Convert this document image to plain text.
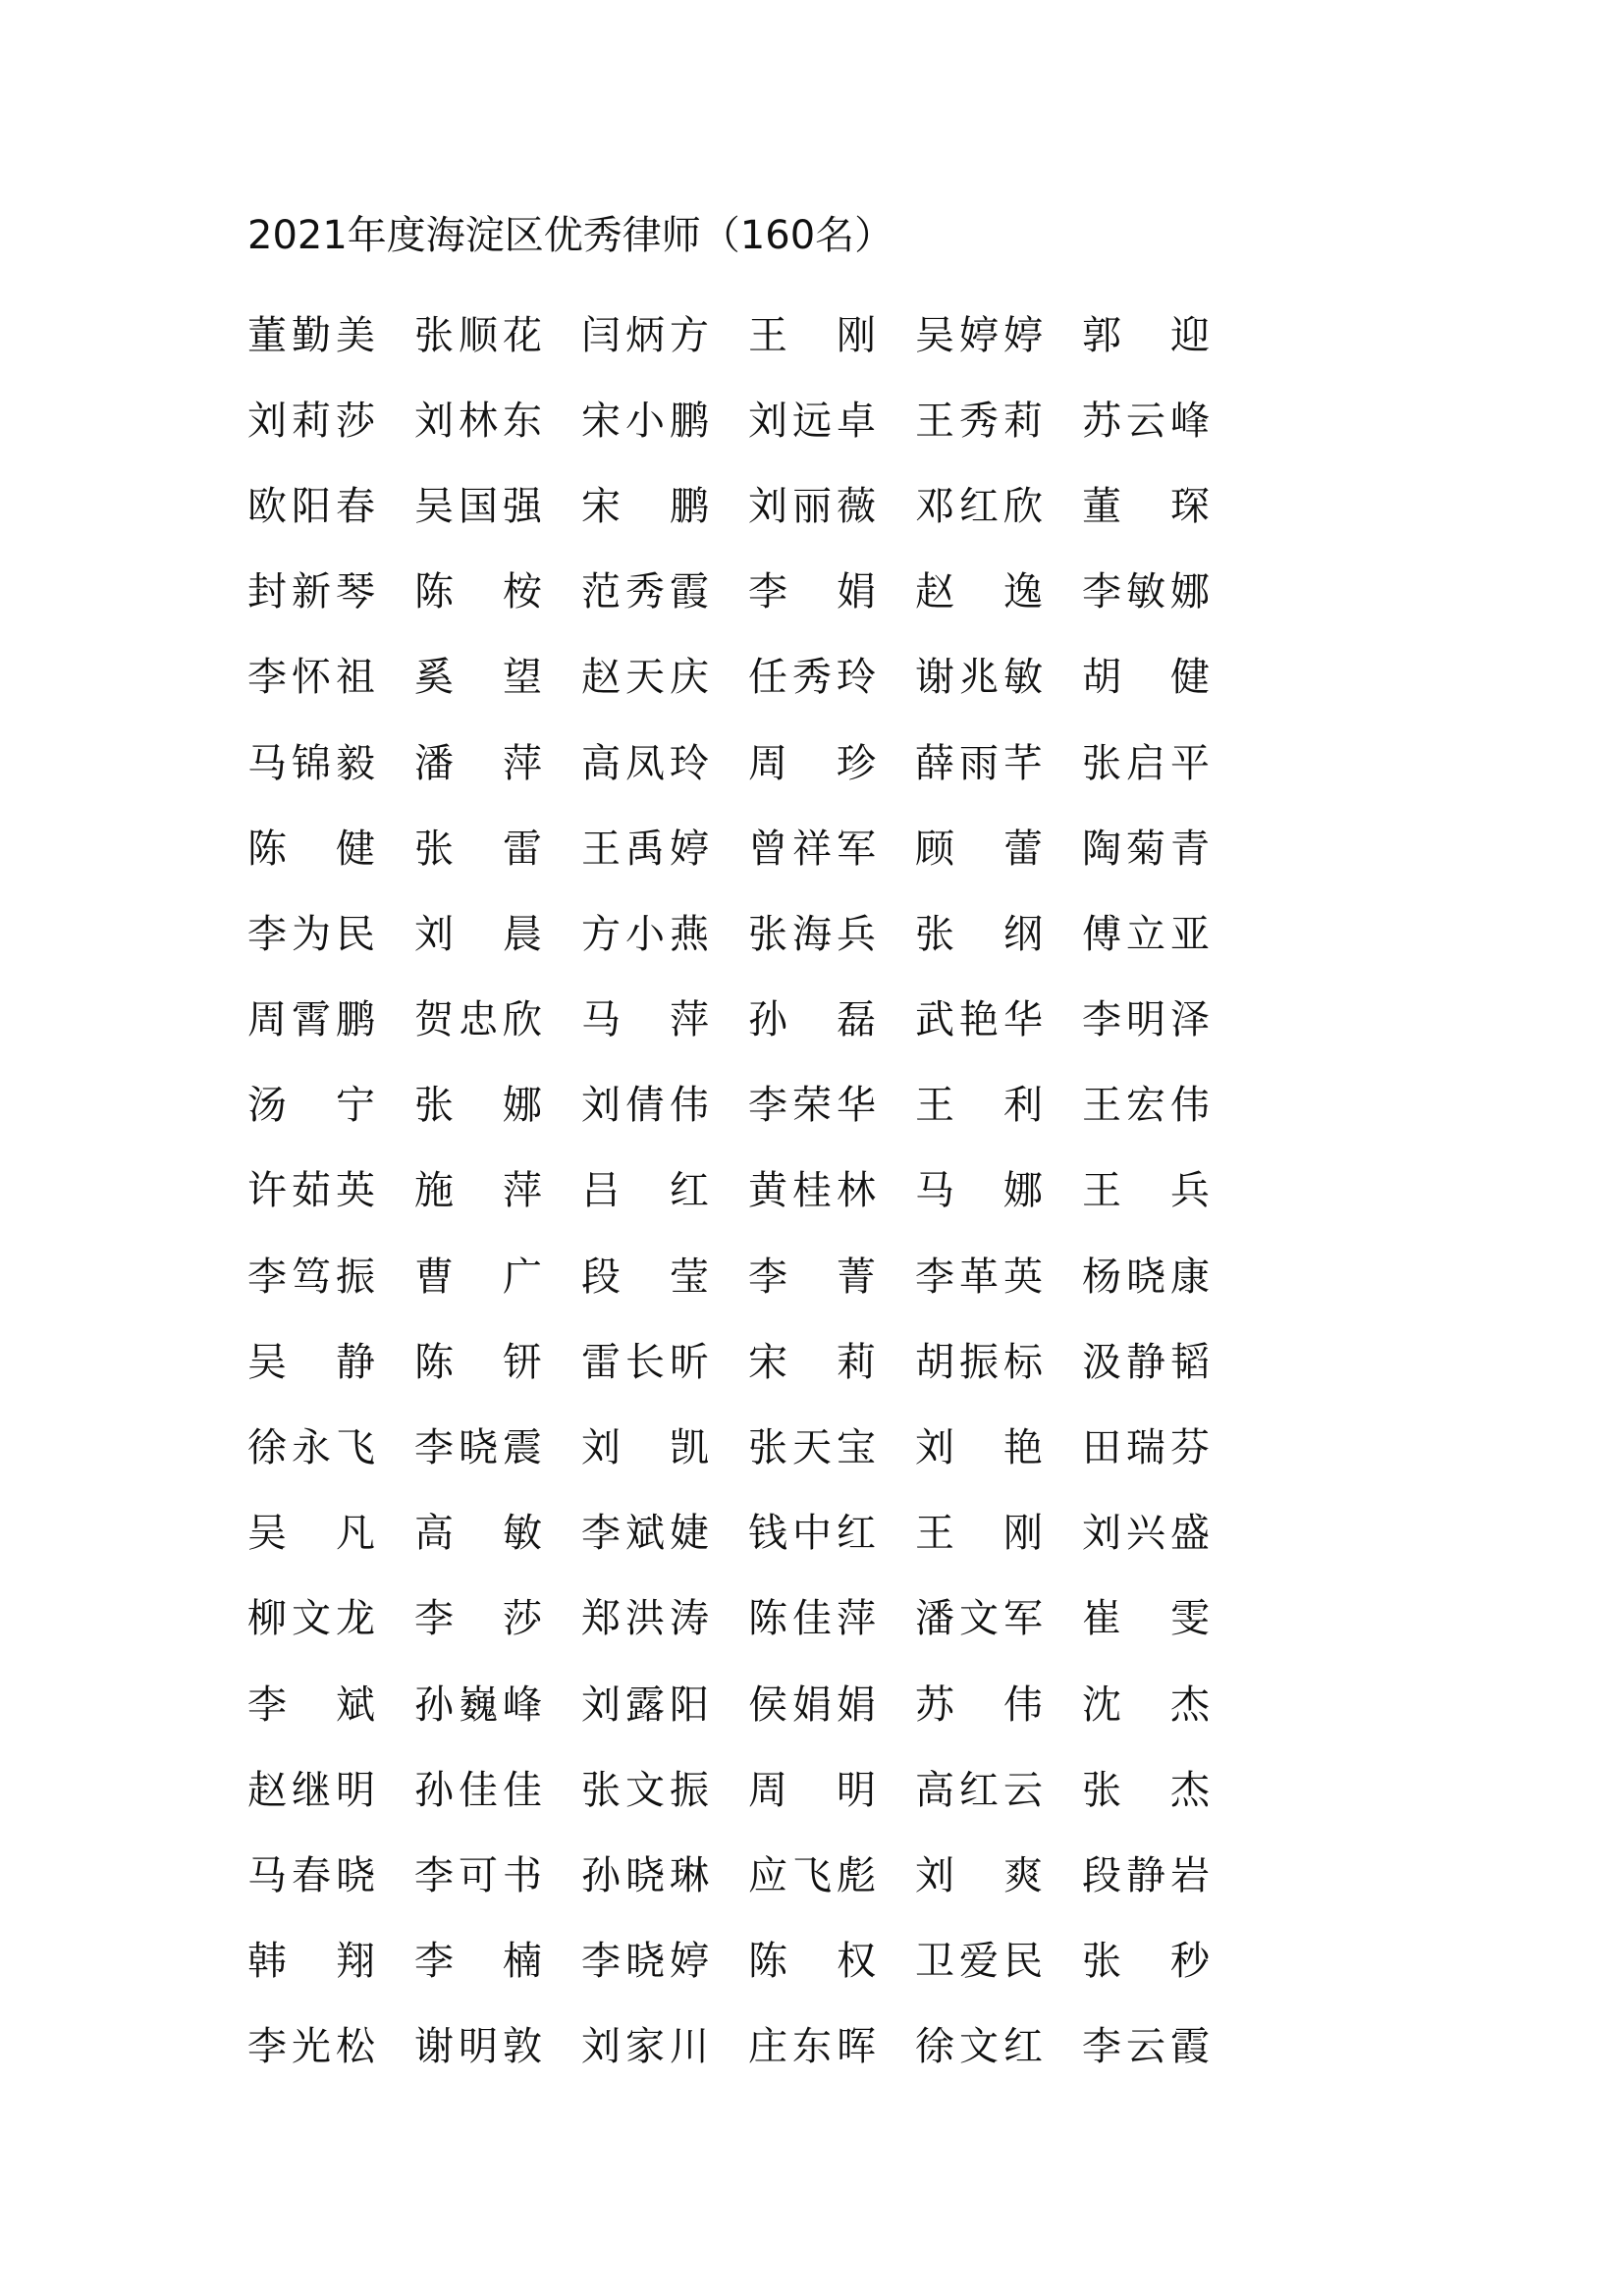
2021年度海淀区优秀律师（160名）
董 勤 美 张 顺 花 闫 炳 方 王
刚 吴 婷 婷 郭
迎
刘 莉 莎 刘 林 东 宋 小 鹏 刘 远 卓 王 秀 莉 苏 云 峰
欧 阳 春 吴 国 强 宋
鹏 刘 丽 薇 邓 红 欣 董
琛
封 新 琴 陈
桉 范 秀 霞 李
娟 赵
逸 李 敏 娜
李 怀 祖 奚
望 赵 天 庆 任 秀 玲 谢 兆 敏 胡
健
马 锦 毅 潘
萍 高 凤 玲 周
珍 薛 雨 芊 张 启 平
陈
健 张
雷 王 禹 婷 曾 祥 军 顾
蕾 陶 菊 青
李 为 民 刘
晨 方 小 燕 张 海 兵 张
纲 傅 立 亚
周 霄 鹏 贺 忠 欣 马
萍 孙
磊 武 艳 华 李 明 泽
汤
宁 张
娜 刘 倩 伟 李 荣 华 王
利 王 宏 伟
许 茹 英 施
萍 吕
红 黄 桂 林 马
娜 王
兵
李 笃 振 曹
广 段
莹 李
菁 李 革 英 杨 晓 康
吴
静 陈
钘 雷 长 昕 宋
莉 胡 振 标 汲 静 韬
徐 永 飞 李 晓 震 刘
凯 张 天 宝 刘
艳 田 瑞 芬
吴
凡 高
敏 李 斌 婕 钱 中 红 王
刚 刘 兴 盛
柳 文 龙 李
莎 郑 洪 涛 陈 佳 萍 潘 文 军 崔
雯
李
斌 孙 巍 峰 刘 露 阳 侯 娟 娟 苏
伟 沈
杰
赵 继 明 孙 佳 佳 张 文 振 周
明 高 红 云 张
杰
马 春 晓 李 可 书 孙 晓 琳 应 飞 彪 刘
爽 段 静 岩
韩
翔 李
楠 李 晓 婷 陈
权 卫 爱 民 张
秒
李 光 松 谢 明 敦 刘 家 川 庄 东 晖 徐 文 红 李 云 霞
